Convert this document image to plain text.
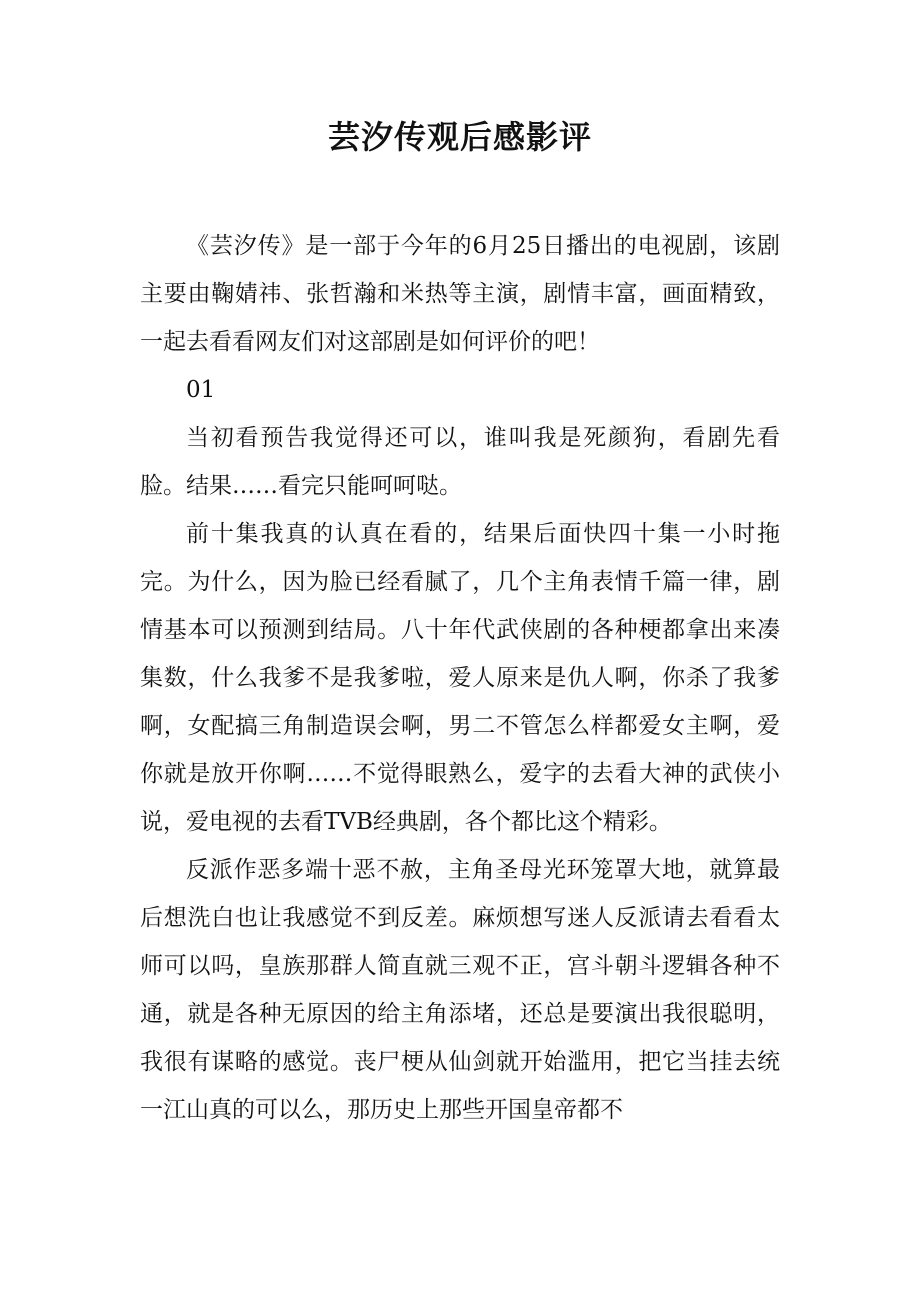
芸汐传观后感影评

《芸汐传》是一部于今年的6月25日播出的电视剧，该剧主要由鞠婧祎、张哲瀚和米热等主演，剧情丰富，画面精致，一起去看看网友们对这部剧是如何评价的吧！

01

当初看预告我觉得还可以，谁叫我是死颜狗，看剧先看脸。结果……看完只能呵呵哒。

前十集我真的认真在看的，结果后面快四十集一小时拖完。为什么，因为脸已经看腻了，几个主角表情千篇一律，剧情基本可以预测到结局。八十年代武侠剧的各种梗都拿出来凑集数，什么我爹不是我爹啦，爱人原来是仇人啊，你杀了我爹啊，女配搞三角制造误会啊，男二不管怎么样都爱女主啊，爱你就是放开你啊……不觉得眼熟么，爱字的去看大神的武侠小说，爱电视的去看TVB经典剧，各个都比这个精彩。

反派作恶多端十恶不赦，主角圣母光环笼罩大地，就算最后想洗白也让我感觉不到反差。麻烦想写迷人反派请去看看太师可以吗，皇族那群人简直就三观不正，宫斗朝斗逻辑各种不通，就是各种无原因的给主角添堵，还总是要演出我很聪明，我很有谋略的感觉。丧尸梗从仙剑就开始滥用，把它当挂去统一江山真的可以么，那历史上那些开国皇帝都不
